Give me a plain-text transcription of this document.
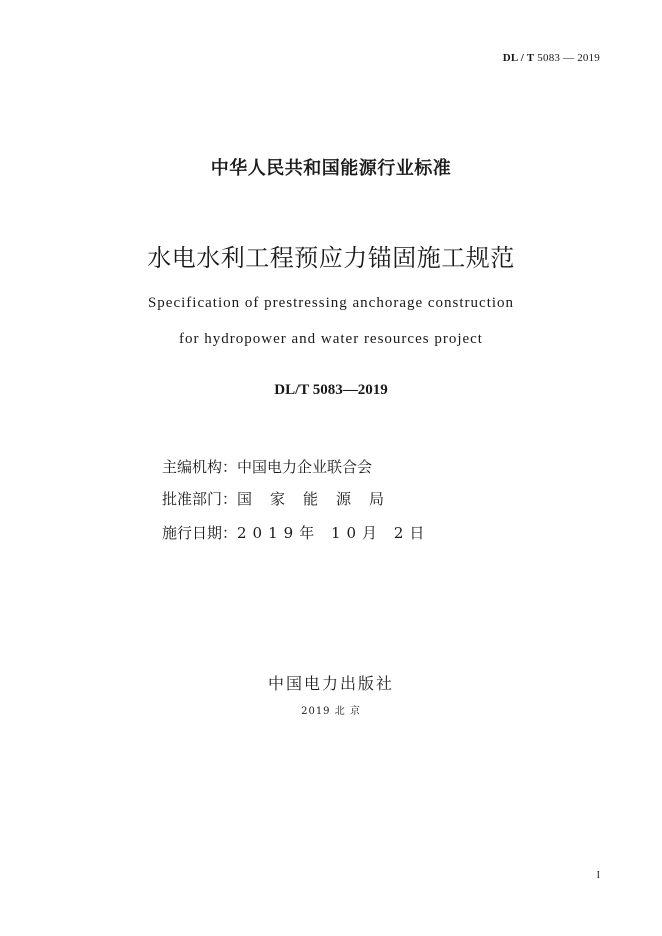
DL / T 5083 — 2019
中华人民共和国能源行业标准
水电水利工程预应力锚固施工规范
Specification of prestressing anchorage construction
for hydropower and water resources project
DL/T 5083—2019
主编机构：中国电力企业联合会
批准部门：国家能源局
施行日期：2019年 10月 2日
中国电力出版社
2019 北 京
I
